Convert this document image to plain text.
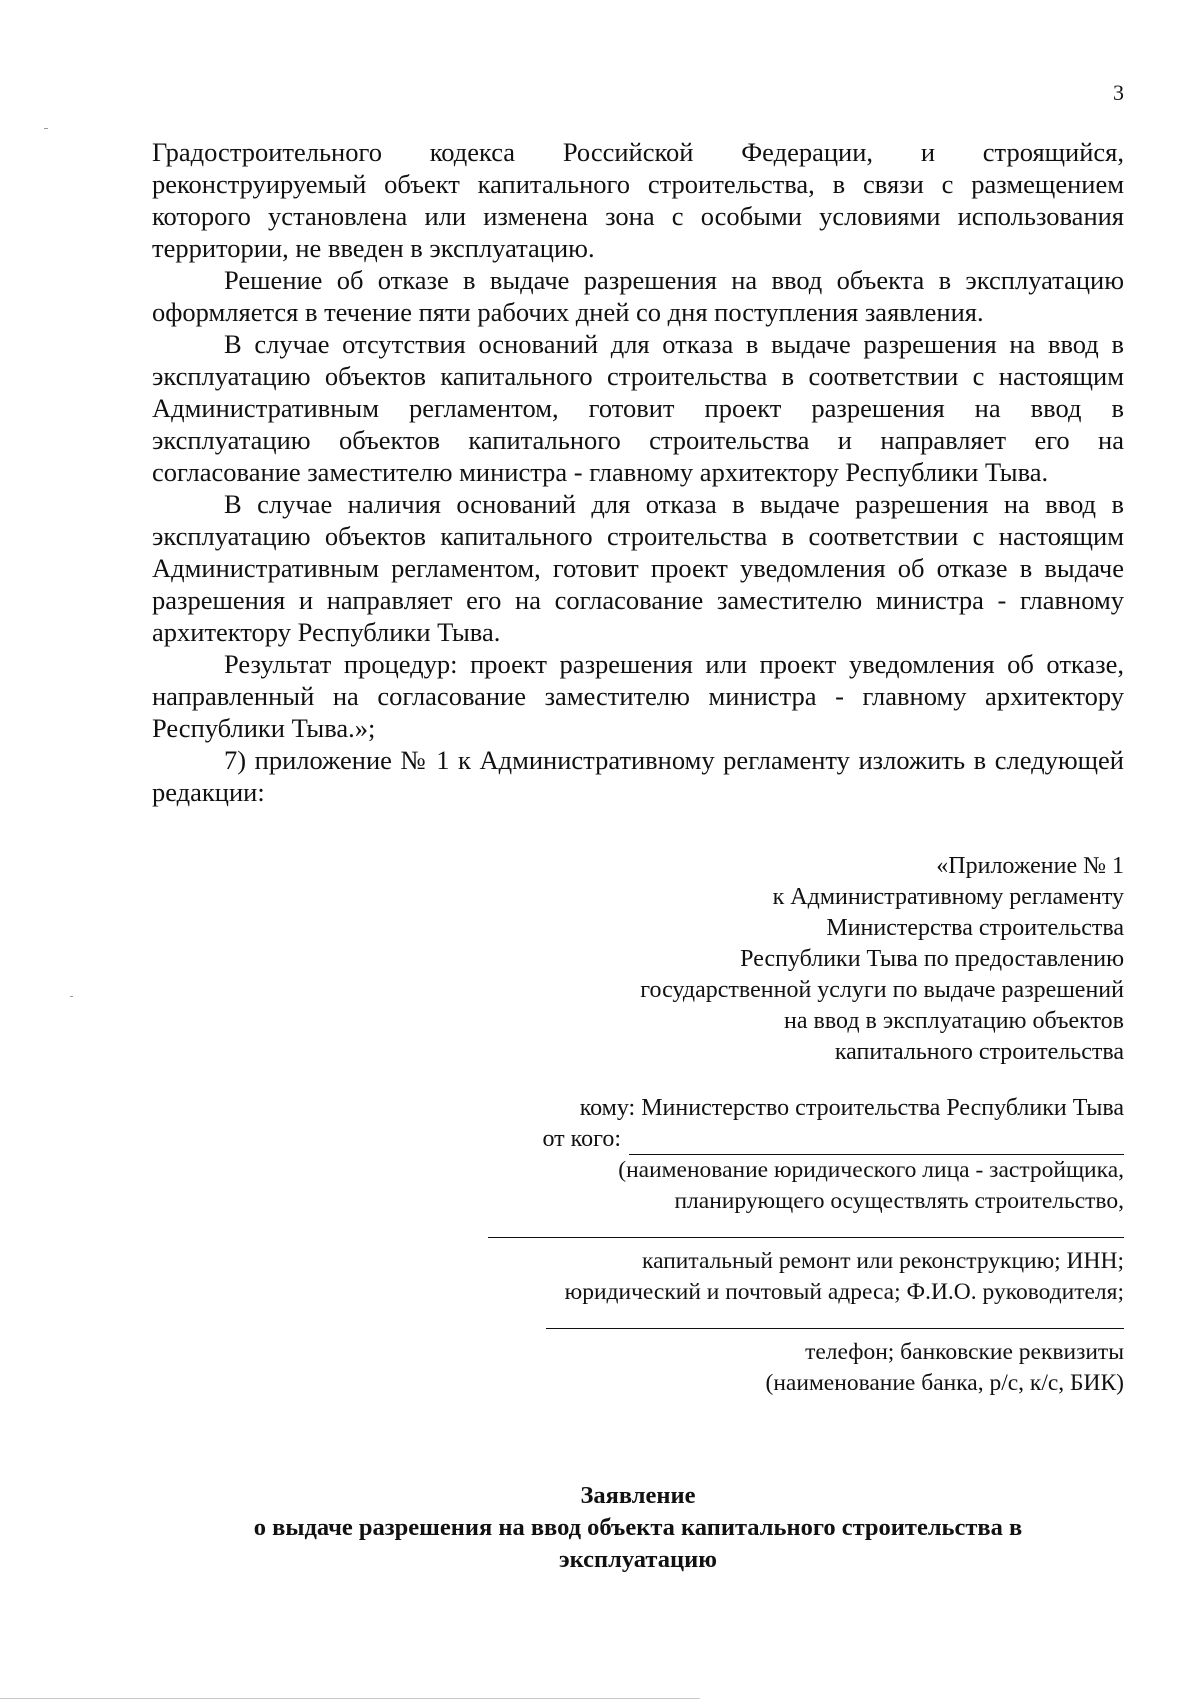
3

Градостроительного кодекса Российской Федерации, и строящийся, реконструируемый объект капитального строительства, в связи с размещением которого установлена или изменена зона с особыми условиями использования территории, не введен в эксплуатацию.

Решение об отказе в выдаче разрешения на ввод объекта в эксплуатацию оформляется в течение пяти рабочих дней со дня поступления заявления.

В случае отсутствия оснований для отказа в выдаче разрешения на ввод в эксплуатацию объектов капитального строительства в соответствии с настоящим Административным регламентом, готовит проект разрешения на ввод в эксплуатацию объектов капитального строительства и направляет его на согласование заместителю министра - главному архитектору Республики Тыва.

В случае наличия оснований для отказа в выдаче разрешения на ввод в эксплуатацию объектов капитального строительства в соответствии с настоящим Административным регламентом, готовит проект уведомления об отказе в выдаче разрешения и направляет его на согласование заместителю министра - главному архитектору Республики Тыва.

Результат процедур: проект разрешения или проект уведомления об отказе, направленный на согласование заместителю министра - главному архитектору Республики Тыва.»;

7) приложение № 1 к Административному регламенту изложить в следующей редакции:

«Приложение № 1
к Административному регламенту
Министерства строительства
Республики Тыва по предоставлению
государственной услуги по выдаче разрешений
на ввод в эксплуатацию объектов
капитального строительства
кому: Министерство строительства Республики Тыва
от кого:
(наименование юридического лица - застройщика,
планирующего осуществлять строительство,
капитальный ремонт или реконструкцию; ИНН;
юридический и почтовый адреса; Ф.И.О. руководителя;
телефон; банковские реквизиты
(наименование банка, р/с, к/с, БИК)
Заявление
о выдаче разрешения на ввод объекта капитального строительства в
эксплуатацию
